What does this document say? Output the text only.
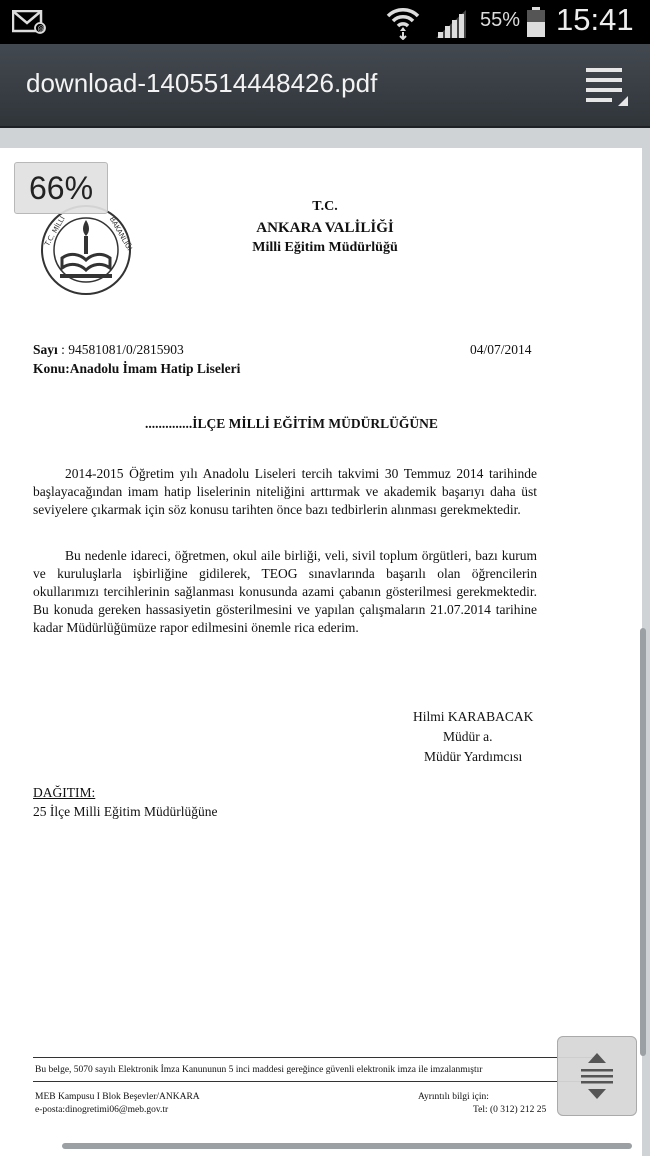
@	55% 15:41
download-1405514448426.pdf
T.C. MİLLİ	BAKANLIĞI
T.C.
ANKARA VALİLİĞİ
Milli Eğitim Müdürlüğü
Sayı : 94581081/0/2815903	04/07/2014
Konu:Anadolu İmam Hatip Liseleri
..............İLÇE MİLLİ EĞİTİM MÜDÜRLÜĞÜNE
2014-2015 Öğretim yılı Anadolu Liseleri tercih takvimi 30 Temmuz 2014 tarihinde
başlayacağından imam hatip liselerinin niteliğini arttırmak ve akademik başarıyı daha üst
seviyelere çıkarmak için söz konusu tarihten önce bazı tedbirlerin alınması gerekmektedir.
Bu nedenle idareci, öğretmen, okul aile birliği, veli, sivil toplum örgütleri, bazı kurum
ve kuruluşlarla işbirliğine gidilerek, TEOG sınavlarında başarılı olan öğrencilerin
okullarımızı tercihlerinin sağlanması konusunda azami çabanın gösterilmesi gerekmektedir.
Bu konuda gereken hassasiyetin gösterilmesini ve yapılan çalışmaların 21.07.2014 tarihine
kadar Müdürlüğümüze rapor edilmesini önemle rica ederim.
Hilmi KARABACAK
Müdür a.
Müdür Yardımcısı
DAĞITIM:
25 İlçe Milli Eğitim Müdürlüğüne
Bu belge, 5070 sayılı Elektronik İmza Kanununun 5 inci maddesi gereğince güvenli elektronik imza ile imzalanmıştır
MEB Kampusu I Blok Beşevler/ANKARA
e-posta:dinogretimi06@meb.gov.tr
Ayrıntılı bilgi için:
Tel: (0 312) 212 25
66%
